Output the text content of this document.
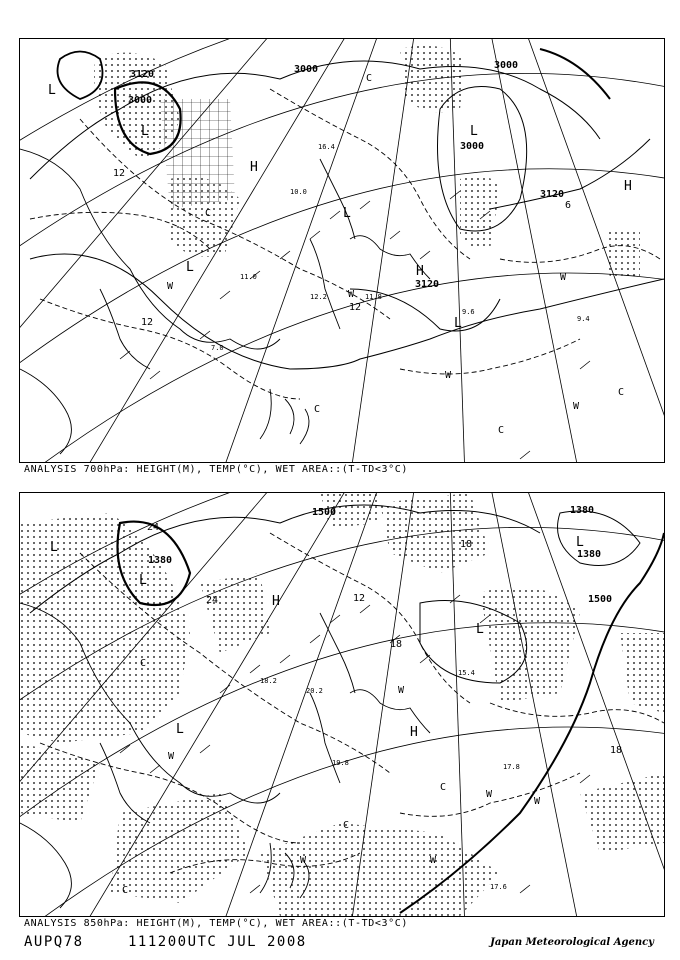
3120
3000
3000	3000
3000
3120
3120
12
12
12
6
L
L
L
L
H
H
H
L
L
W
W
W
W
W
C
C
C
C
C
10.0
11.0
12.2	11.8
9.6
9.4
7.0
16.4
ANALYSIS 700hPa: HEIGHT(M), TEMP(°C), WET AREA::(T-TD<3°C)
1380
1500
1380
1380
1500
24
24
18
12
18
18
L
L
L
L
H
H
L
W
W
W
W
W
W
C
C
C
C
18.2
20.2
17.8
15.4
19.8
17.6
ANALYSIS 850hPa: HEIGHT(M), TEMP(°C), WET AREA::(T-TD<3°C)
AUPQ78	111200UTC JUL 2008	Japan Meteorological Agency
